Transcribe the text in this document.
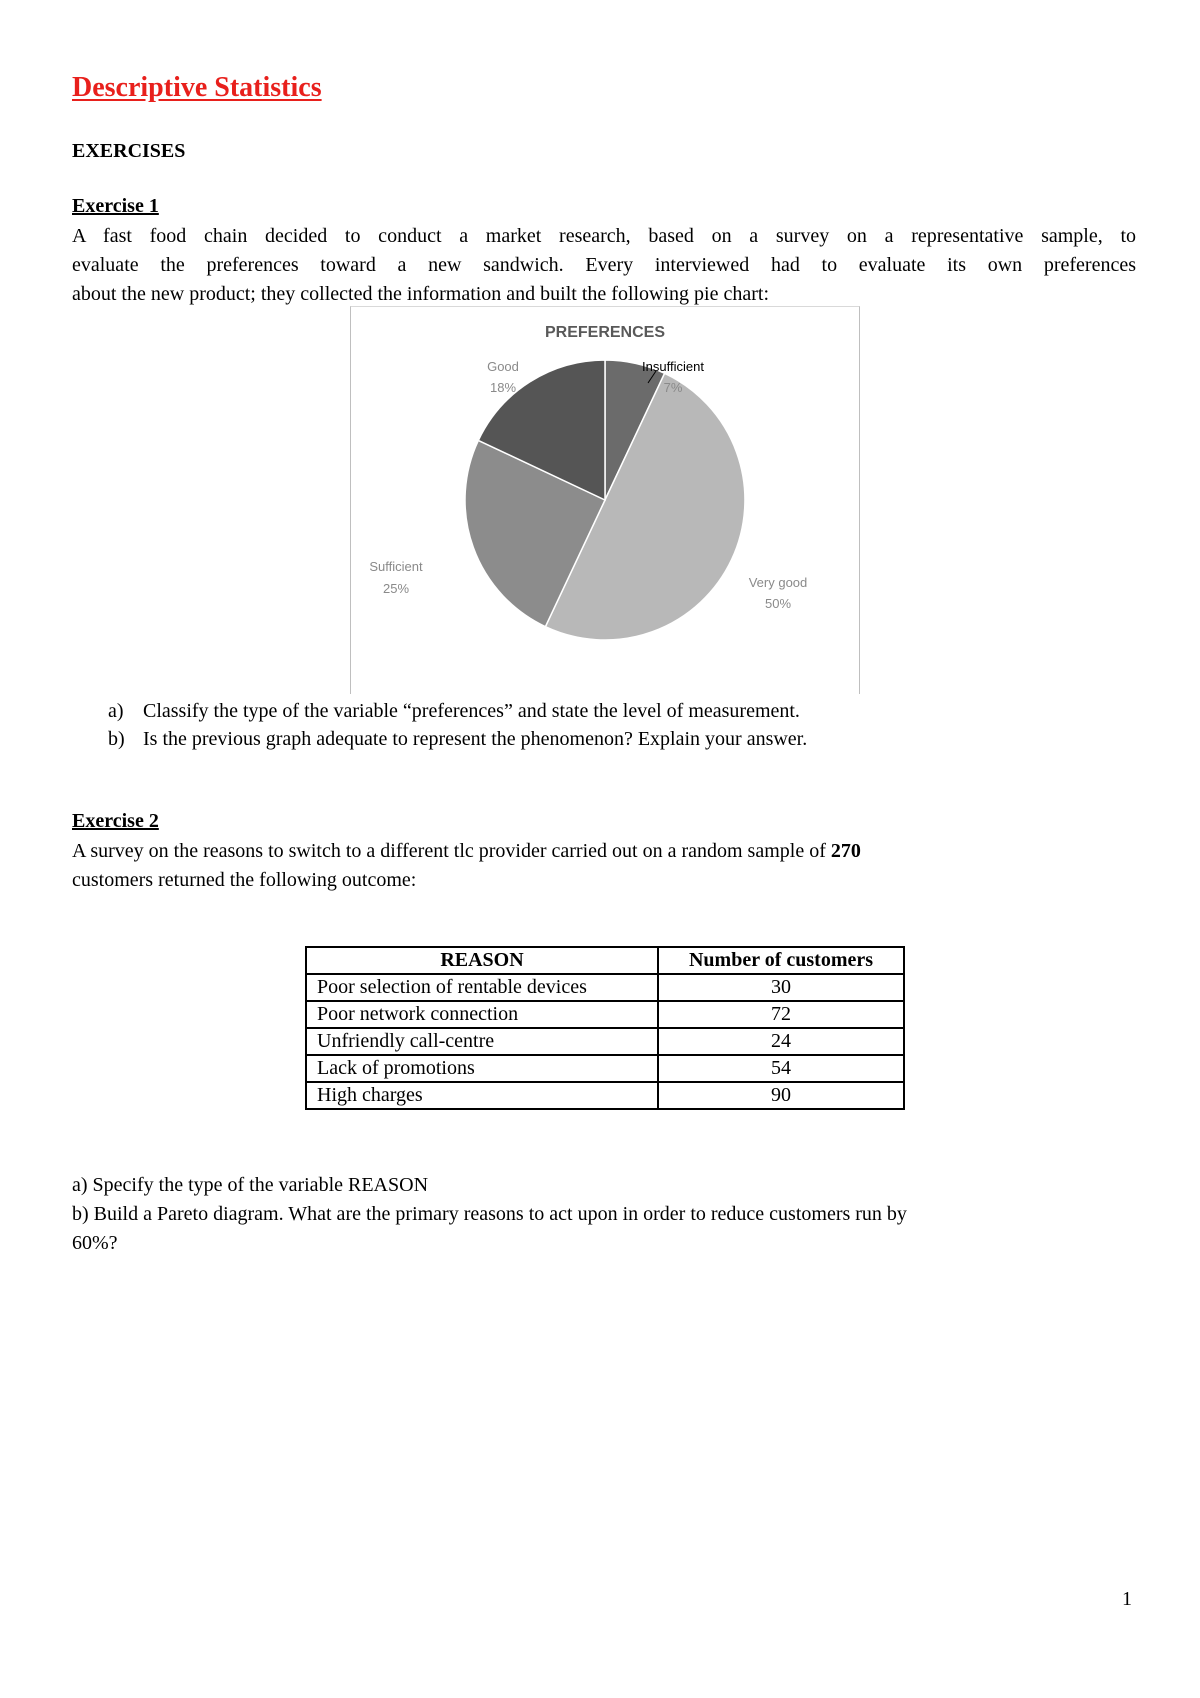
Descriptive Statistics
EXERCISES
Exercise 1
A fast food chain decided to conduct a market research, based on a survey on a representative sample, to
evaluate the preferences toward a new sandwich. Every interviewed had to evaluate its own preferences
about the new product; they collected the information and built the following pie chart:
PREFERENCES
Insufficient
7%
Very good
50%
Sufficient
25%
Good
18%
a) Classify the type of the variable “preferences” and state the level of measurement.
b) Is the previous graph adequate to represent the phenomenon? Explain your answer.
Exercise 2
A survey on the reasons to switch to a different tlc provider carried out on a random sample of 270
customers returned the following outcome:
REASON	Number of customers
Poor selection of rentable devices	30
Poor network connection	72
Unfriendly call-centre	24
Lack of promotions	54
High charges	90
a) Specify the type of the variable REASON
b) Build a Pareto diagram. What are the primary reasons to act upon in order to reduce customers run by
60%?
1
